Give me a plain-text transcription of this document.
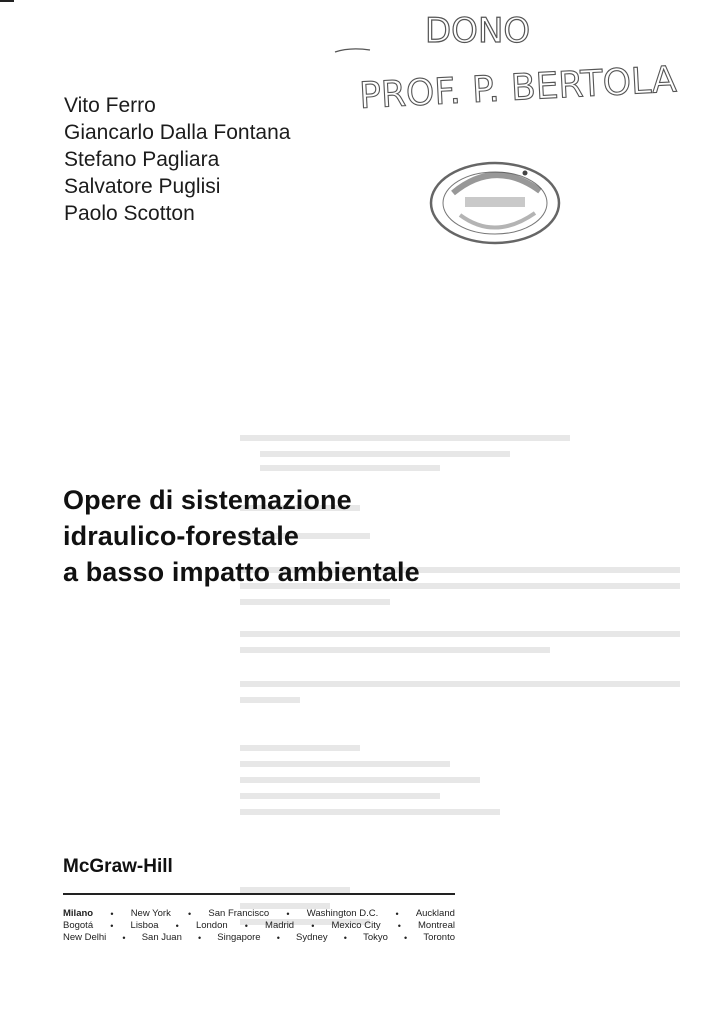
Vito Ferro
Giancarlo Dalla Fontana
Stefano Pagliara
Salvatore Puglisi
Paolo Scotton
DONO
PROF. P. BERTOLA
Opere di sistemazione
idraulico-forestale
a basso impatto ambientale
McGraw-Hill
Milano • New York • San Francisco • Washington D.C. • Auckland
Bogotá • Lisboa • London • Madrid • Mexico City • Montreal
New Delhi • San Juan • Singapore • Sydney • Tokyo • Toronto
